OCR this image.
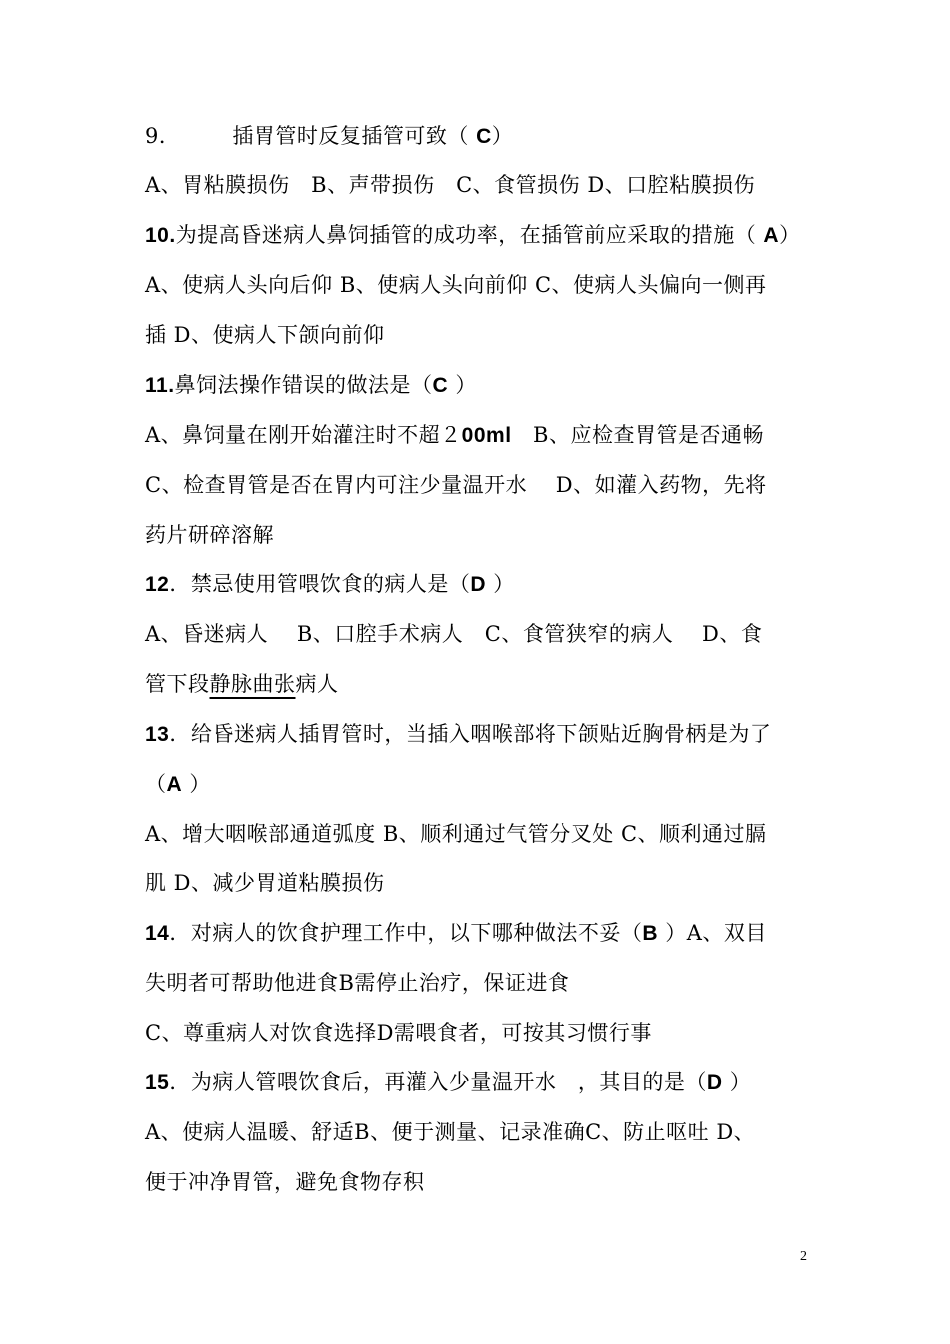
9． 插胃管时反复插管可致（ C）
A、胃粘膜损伤　B、声带损伤　C、食管损伤 D、口腔粘膜损伤
10.为提高昏迷病人鼻饲插管的成功率，在插管前应采取的措施（ A）
A、使病人头向后仰 B、使病人头向前仰 C、使病人头偏向一侧再
插 D、使病人下颌向前仰
11.鼻饲法操作错误的做法是（C ）
A、鼻饲量在刚开始灌注时不超２00ml　B、应检查胃管是否通畅
C、检查胃管是否在胃内可注少量温开水　 D、如灌入药物，先将
药片研碎溶解
12．禁忌使用管喂饮食的病人是（D ）
A、昏迷病人　 B、口腔手术病人　C、食管狭窄的病人　 D、食
管下段静脉曲张病人
13．给昏迷病人插胃管时，当插入咽喉部将下颌贴近胸骨柄是为了
（A ）
A、增大咽喉部通道弧度 B、顺利通过气管分叉处 C、顺利通过膈
肌 D、减少胃道粘膜损伤
14．对病人的饮食护理工作中，以下哪种做法不妥（B ）A、双目
失明者可帮助他进食B需停止治疗，保证进食
C、尊重病人对饮食选择D需喂食者，可按其习惯行事
15．为病人管喂饮食后，再灌入少量温开水　，其目的是（D ）
A、使病人温暖、舒适B、便于测量、记录准确C、防止呕吐 D、
便于冲净胃管，避免食物存积
2
